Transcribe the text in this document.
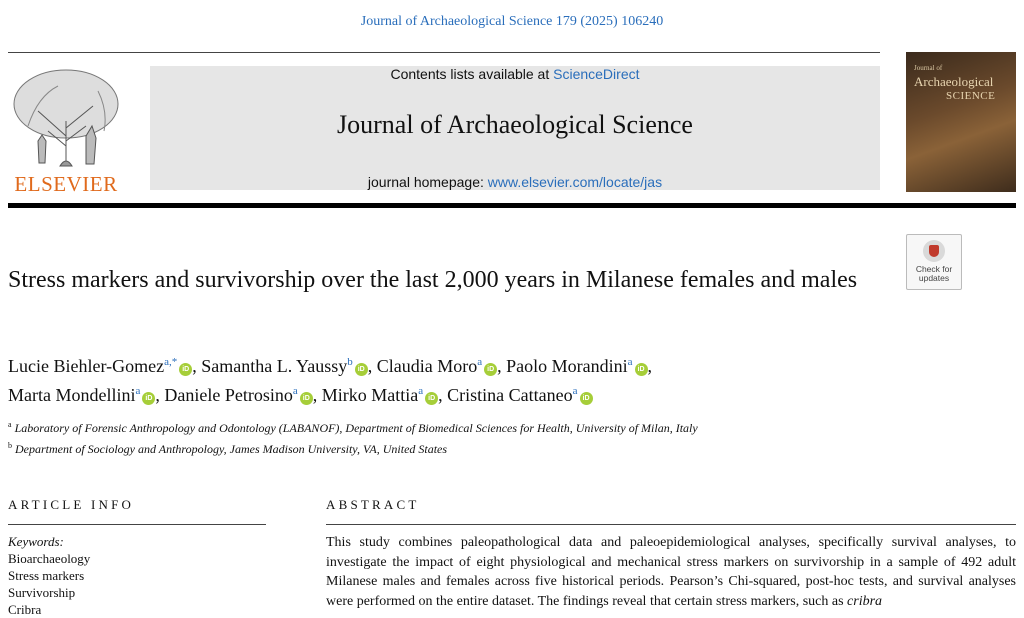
Journal of Archaeological Science 179 (2025) 106240
ELSEVIER
Contents lists available at ScienceDirect
Journal of Archaeological Science
journal homepage: www.elsevier.com/locate/jas
Journal of
Archaeological
SCIENCE
Check for
updates
Stress markers and survivorship over the last 2,000 years in Milanese females and males
Lucie Biehler-Gomez$^{a,*}$iD , Samantha L. Yaussy$^b$iD , Claudia Moro$^a$iD , Paolo Morandini$^a$iD ,
Marta Mondellini$^a$iD , Daniele Petrosino$^a$iD , Mirko Mattia$^a$iD , Cristina Cattaneo$^a$iD
$^a$ Laboratory of Forensic Anthropology and Odontology (LABANOF), Department of Biomedical Sciences for Health, University of Milan, Italy
$^b$ Department of Sociology and Anthropology, James Madison University, VA, United States
ARTICLE INFO	ABSTRACT
Keywords:
Bioarchaeology
Stress markers
Survivorship
Cribra
This study combines paleopathological data and paleoepidemiological analyses, specifically survival analyses, to investigate the impact of eight physiological and mechanical stress markers on survivorship in a sample of 492 adult Milanese males and females across five historical periods. Pearson’s Chi-squared, post-hoc tests, and survival analyses were performed on the entire dataset. The findings reveal that certain stress markers, such as cribra
